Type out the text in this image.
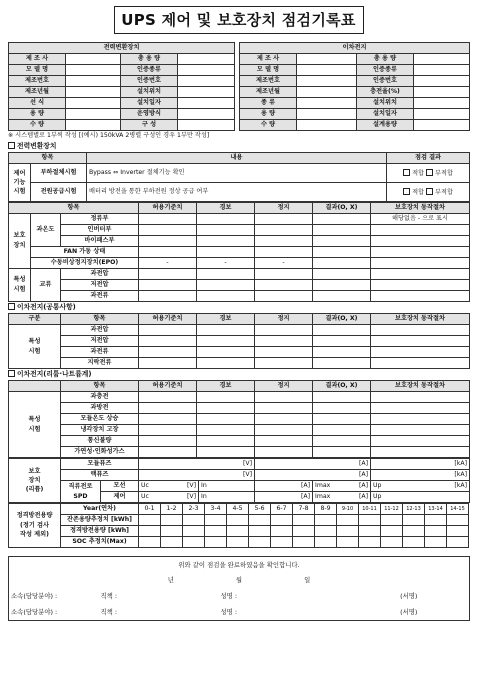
UPS 제어 및 보호장치 점검기록표
전력변환장치					이차전지			
제 조 사		총 용 량			제 조 사		총 용 량	
모 델 명		인증종류			모 델 명		인증종류	
제조번호		인증번호			제조번호		인증번호	
제조년월		설치위치			제조년월		충전율(%)	
선 식		설치일자			종 류		설치위치	
용 량		운영방식			용 량		설치일자	
수 량		구 성			수 량		설계용량	
※ 시스템별로 1부씩 작성 [(예시) 150kVA 2병렬 구성인 경우 1부만 작성]
전력변환장치
항목		내용	점검 결과
제어
기능
시험	부하절체시험	Bypass ⇔ Inverter 절체기능 확인	적합 부적합
	전원공급시험	배터리 방전을 통한 부하전원 정상 공급 여부	적합 부적합
항목			허용기준치	경보	정지	결과(O, X)	보호장치 동작절차
보호
장치	과온도	정류부					해당없음 - 으로 표시
		인버터부					
		바이패스부					
	FAN 가동 상태						
	수동비상정지장치(EPO)		-	-	-		
특성
시험	교류	과전압					
		저전압					
		과전류					
이차전지(공통사항)
구분	항목	허용기준치	경보	정지	결과(O, X)	보호장치 동작절차
특성
시험	과전압					
	저전압					
	과전류					
	지락전류					
이차전지(리튬·나트륨계)
	항목	허용기준치	경보	정지	결과(O, X)	보호장치 동작절차
특성
시험	과충전					
	과방전					
	모듈온도 상승					
	냉각장치 고장					
	통신불량					
	가연성·인화성가스					
보호
장치
(리튬)	모듈퓨즈		[V]		[A]		[kA]
	랙퓨즈		[V]		[A]		[kA]
	직류전로
SPD	모선	Uc [V]	In	[A]	Imax [A]	Up [kA]

		제어	Uc [V]	In	[A]	Imax [A]	Up
정격방전용량
(정기 검사
작성 제외)	Year(연차)	0-1	1-2	2-3	3-4	4-5	5-6	6-7	7-8	8-9	9-10	10-11	11-12	12-13	13-14	14-15
	잔존용량추정치 [kWh]															
	정격방전용량 [kWh]															
	SOC 추정치(Max)															
위와 같이 점검을 완료하였음을 확인합니다.			
년 월 일			
소속(담당분야) :	직책 :	성명 :	(서명)
소속(담당분야) :	직책 :	성명 :	(서명)
